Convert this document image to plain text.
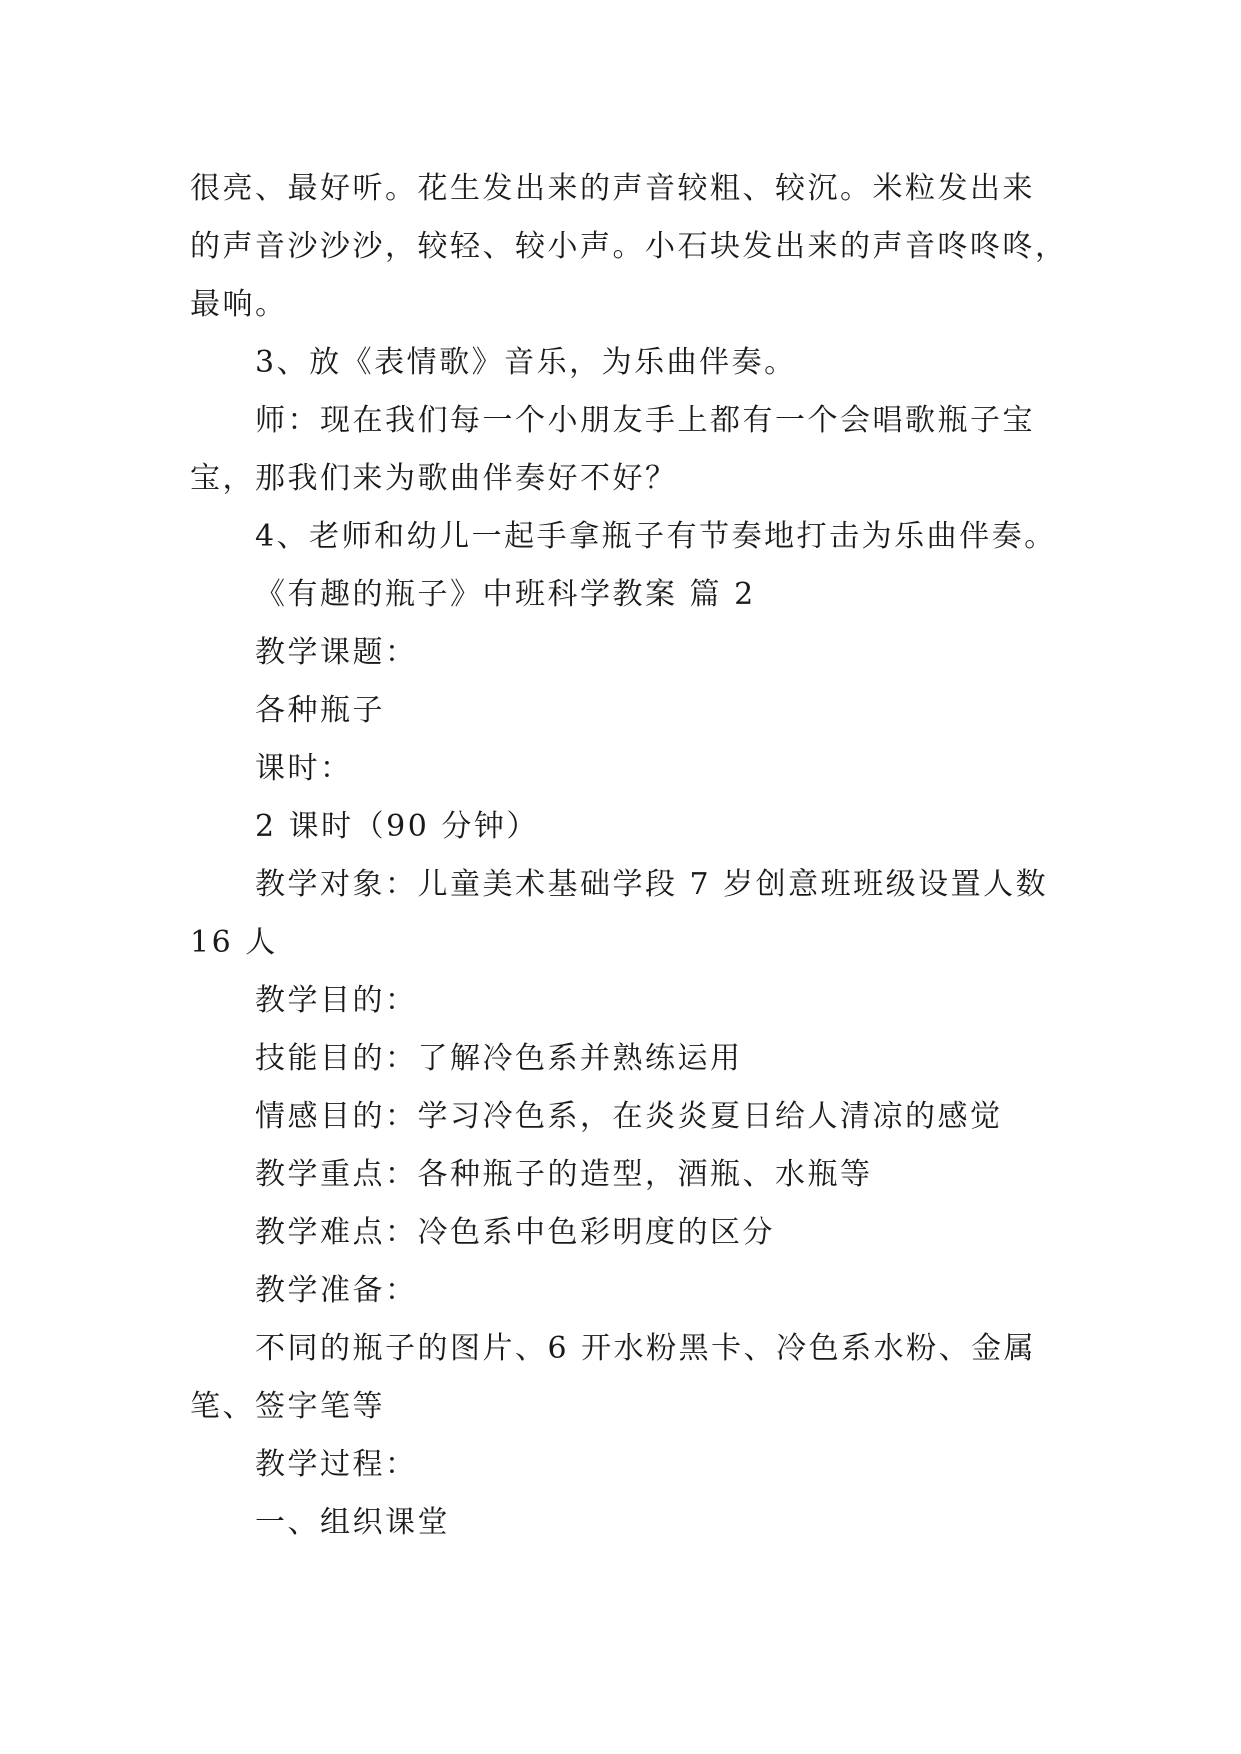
很亮、最好听。花生发出来的声音较粗、较沉。米粒发出来

的声音沙沙沙，较轻、较小声。小石块发出来的声音咚咚咚，

最响。

3、放《表情歌》音乐，为乐曲伴奏。

师：现在我们每一个小朋友手上都有一个会唱歌瓶子宝

宝，那我们来为歌曲伴奏好不好？

4、老师和幼儿一起手拿瓶子有节奏地打击为乐曲伴奏。

《有趣的瓶子》中班科学教案 篇 2

教学课题：

各种瓶子

课时：

2 课时（90 分钟）

教学对象：儿童美术基础学段 7 岁创意班班级设置人数

16 人

教学目的：

技能目的：了解冷色系并熟练运用

情感目的：学习冷色系，在炎炎夏日给人清凉的感觉

教学重点：各种瓶子的造型，酒瓶、水瓶等

教学难点：冷色系中色彩明度的区分

教学准备：

不同的瓶子的图片、6 开水粉黑卡、冷色系水粉、金属

笔、签字笔等

教学过程：

一、组织课堂
